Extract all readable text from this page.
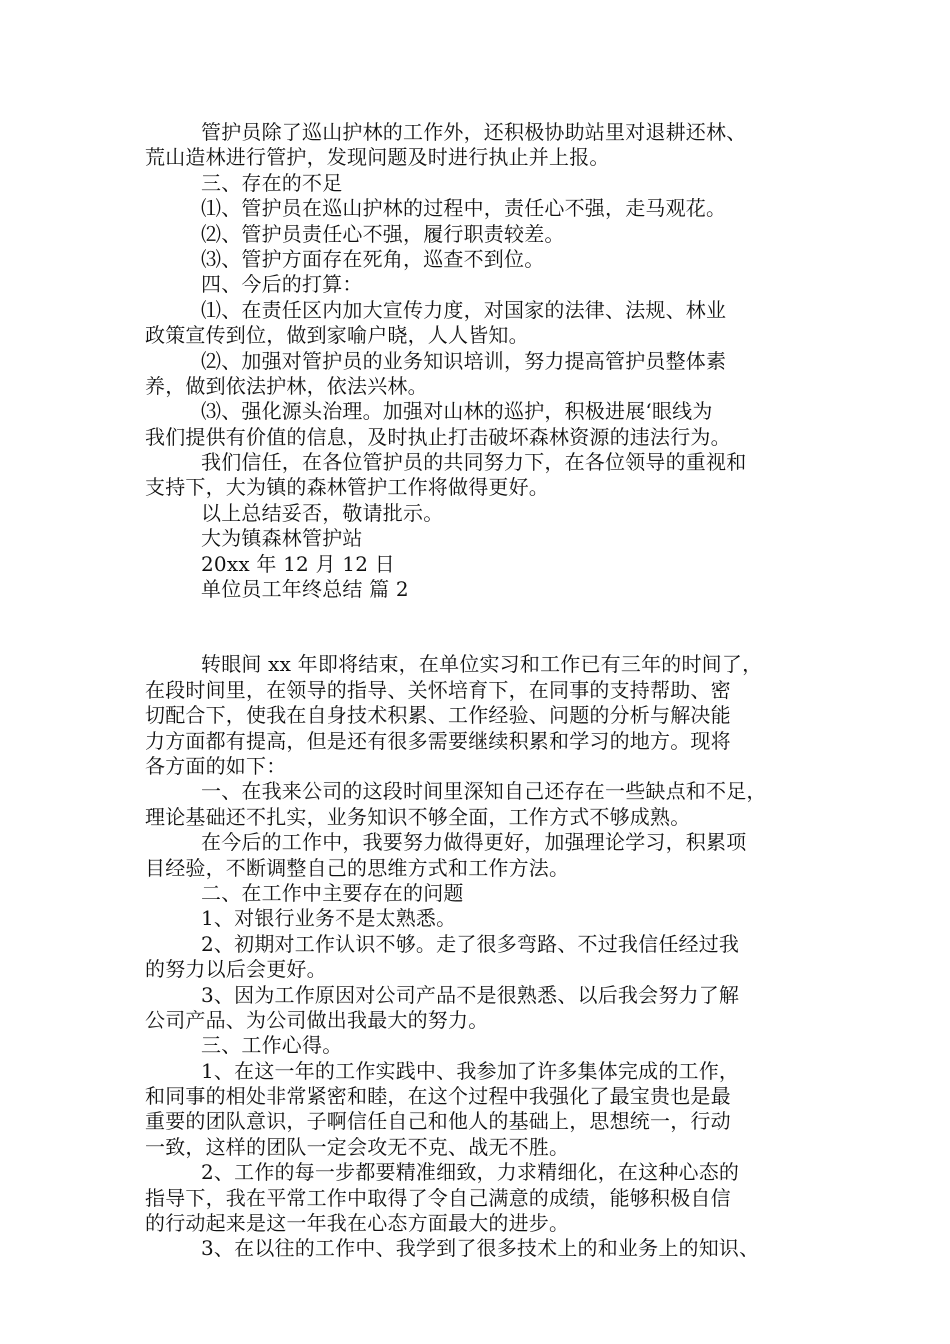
管护员除了巡山护林的工作外，还积极协助站里对退耕还林、
荒山造林进行管护，发现问题及时进行执止并上报。
三、存在的不足
⑴、管护员在巡山护林的过程中，责任心不强，走马观花。
⑵、管护员责任心不强，履行职责较差。
⑶、管护方面存在死角，巡查不到位。
四、今后的打算：
⑴、在责任区内加大宣传力度，对国家的法律、法规、林业
政策宣传到位，做到家喻户晓，人人皆知。
⑵、加强对管护员的业务知识培训，努力提高管护员整体素
养，做到依法护林，依法兴林。
⑶、强化源头治理。加强对山林的巡护，积极进展‘眼线为
我们提供有价值的信息，及时执止打击破坏森林资源的违法行为。
我们信任，在各位管护员的共同努力下，在各位领导的重视和
支持下，大为镇的森林管护工作将做得更好。
以上总结妥否，敬请批示。
大为镇森林管护站
20xx 年 12 月 12 日
单位员工年终总结 篇 2
转眼间 xx 年即将结束，在单位实习和工作已有三年的时间了，
在段时间里，在领导的指导、关怀培育下，在同事的支持帮助、密
切配合下，使我在自身技术积累、工作经验、问题的分析与解决能
力方面都有提高，但是还有很多需要继续积累和学习的地方。现将
各方面的如下：
一、在我来公司的这段时间里深知自己还存在一些缺点和不足，
理论基础还不扎实，业务知识不够全面，工作方式不够成熟。
在今后的工作中，我要努力做得更好，加强理论学习，积累项
目经验，不断调整自己的思维方式和工作方法。
二、在工作中主要存在的问题
1、对银行业务不是太熟悉。
2、初期对工作认识不够。走了很多弯路、不过我信任经过我
的努力以后会更好。
3、因为工作原因对公司产品不是很熟悉、以后我会努力了解
公司产品、为公司做出我最大的努力。
三、工作心得。
1、在这一年的工作实践中、我参加了许多集体完成的工作，
和同事的相处非常紧密和睦，在这个过程中我强化了最宝贵也是最
重要的团队意识，子啊信任自己和他人的基础上，思想统一，行动
一致，这样的团队一定会攻无不克、战无不胜。
2、工作的每一步都要精准细致，力求精细化，在这种心态的
指导下，我在平常工作中取得了令自己满意的成绩，能够积极自信
的行动起来是这一年我在心态方面最大的进步。
3、在以往的工作中、我学到了很多技术上的和业务上的知识、
